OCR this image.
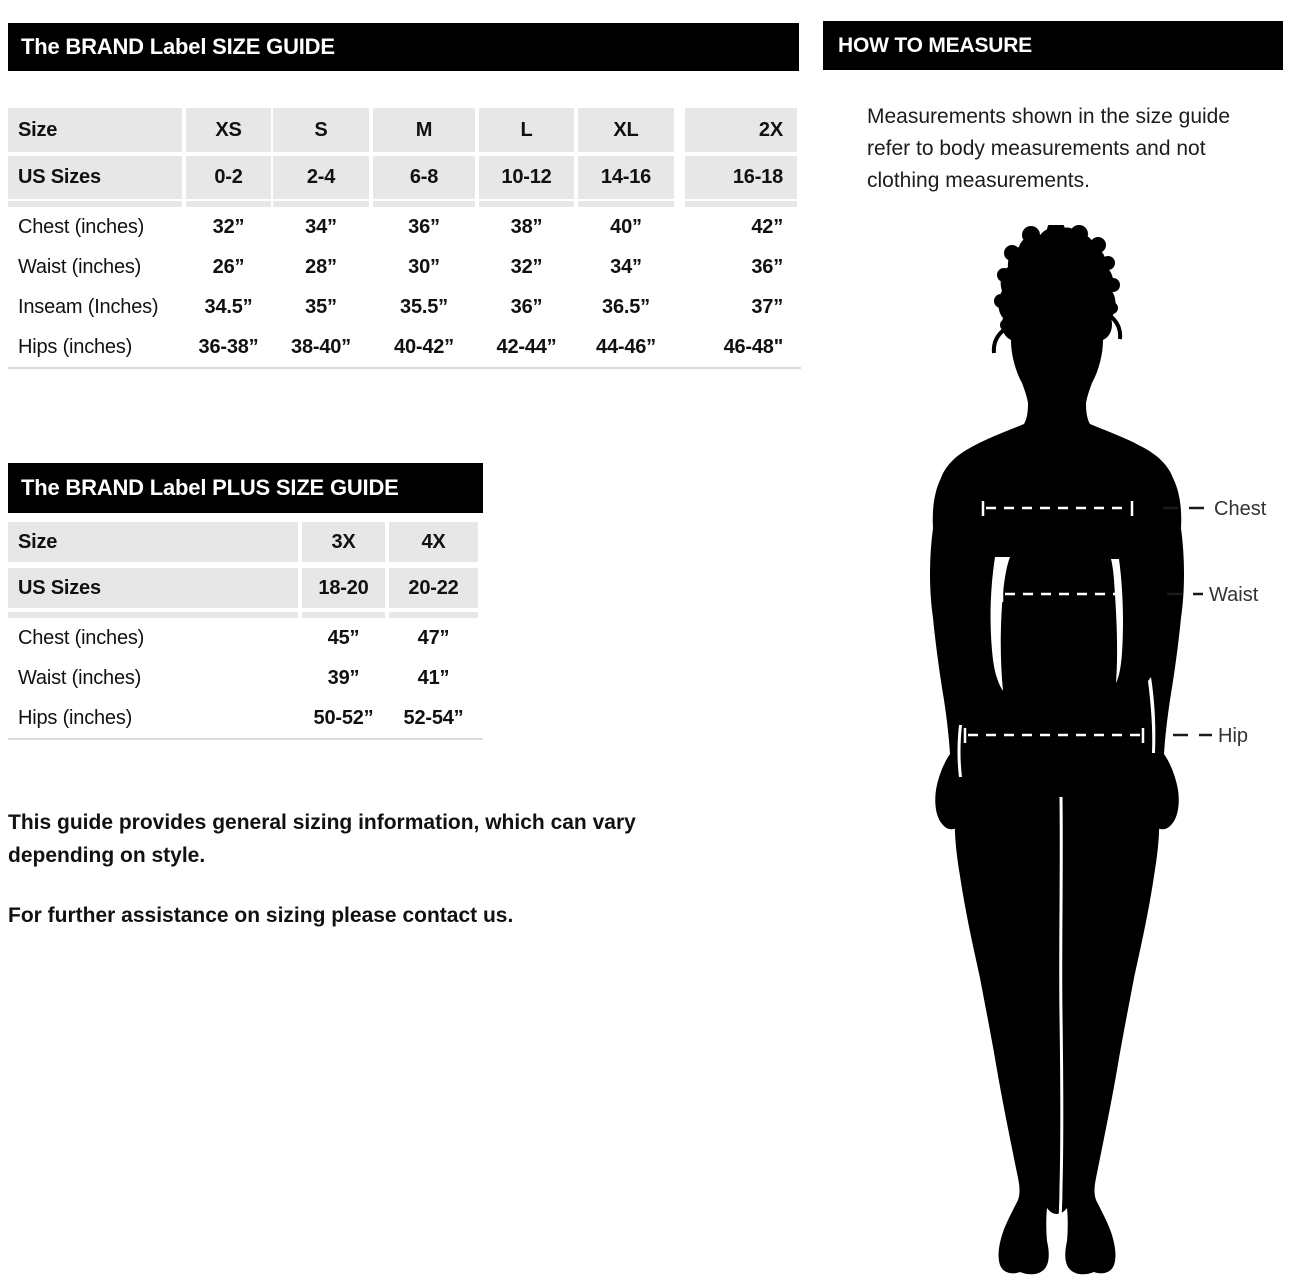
The BRAND Label SIZE GUIDE
Size	XS	S	M	L	XL	2X
US Sizes	0-2	2-4	6-8	10-12	14-16	16-18
Chest (inches)	32”	34”	36”	38”	40”	42”
Waist (inches)	26”	28”	30”	32”	34”	36”
Inseam (Inches)	34.5”	35”	35.5”	36”	36.5”	37”
Hips (inches)	36-38”	38-40”	40-42”	42-44”	44-46”	46-48"
The BRAND Label PLUS SIZE GUIDE
Size	3X	4X
US Sizes	18-20	20-22
Chest (inches)	45”	47”
Waist (inches)	39”	41”
Hips (inches)	50-52”	52-54”
This guide provides general sizing information, which can vary
depending on style.
For further assistance on sizing please contact us.
HOW TO MEASURE
Measurements shown in the size guide
refer to body measurements and not
clothing measurements.
Chest
Waist
Hip
